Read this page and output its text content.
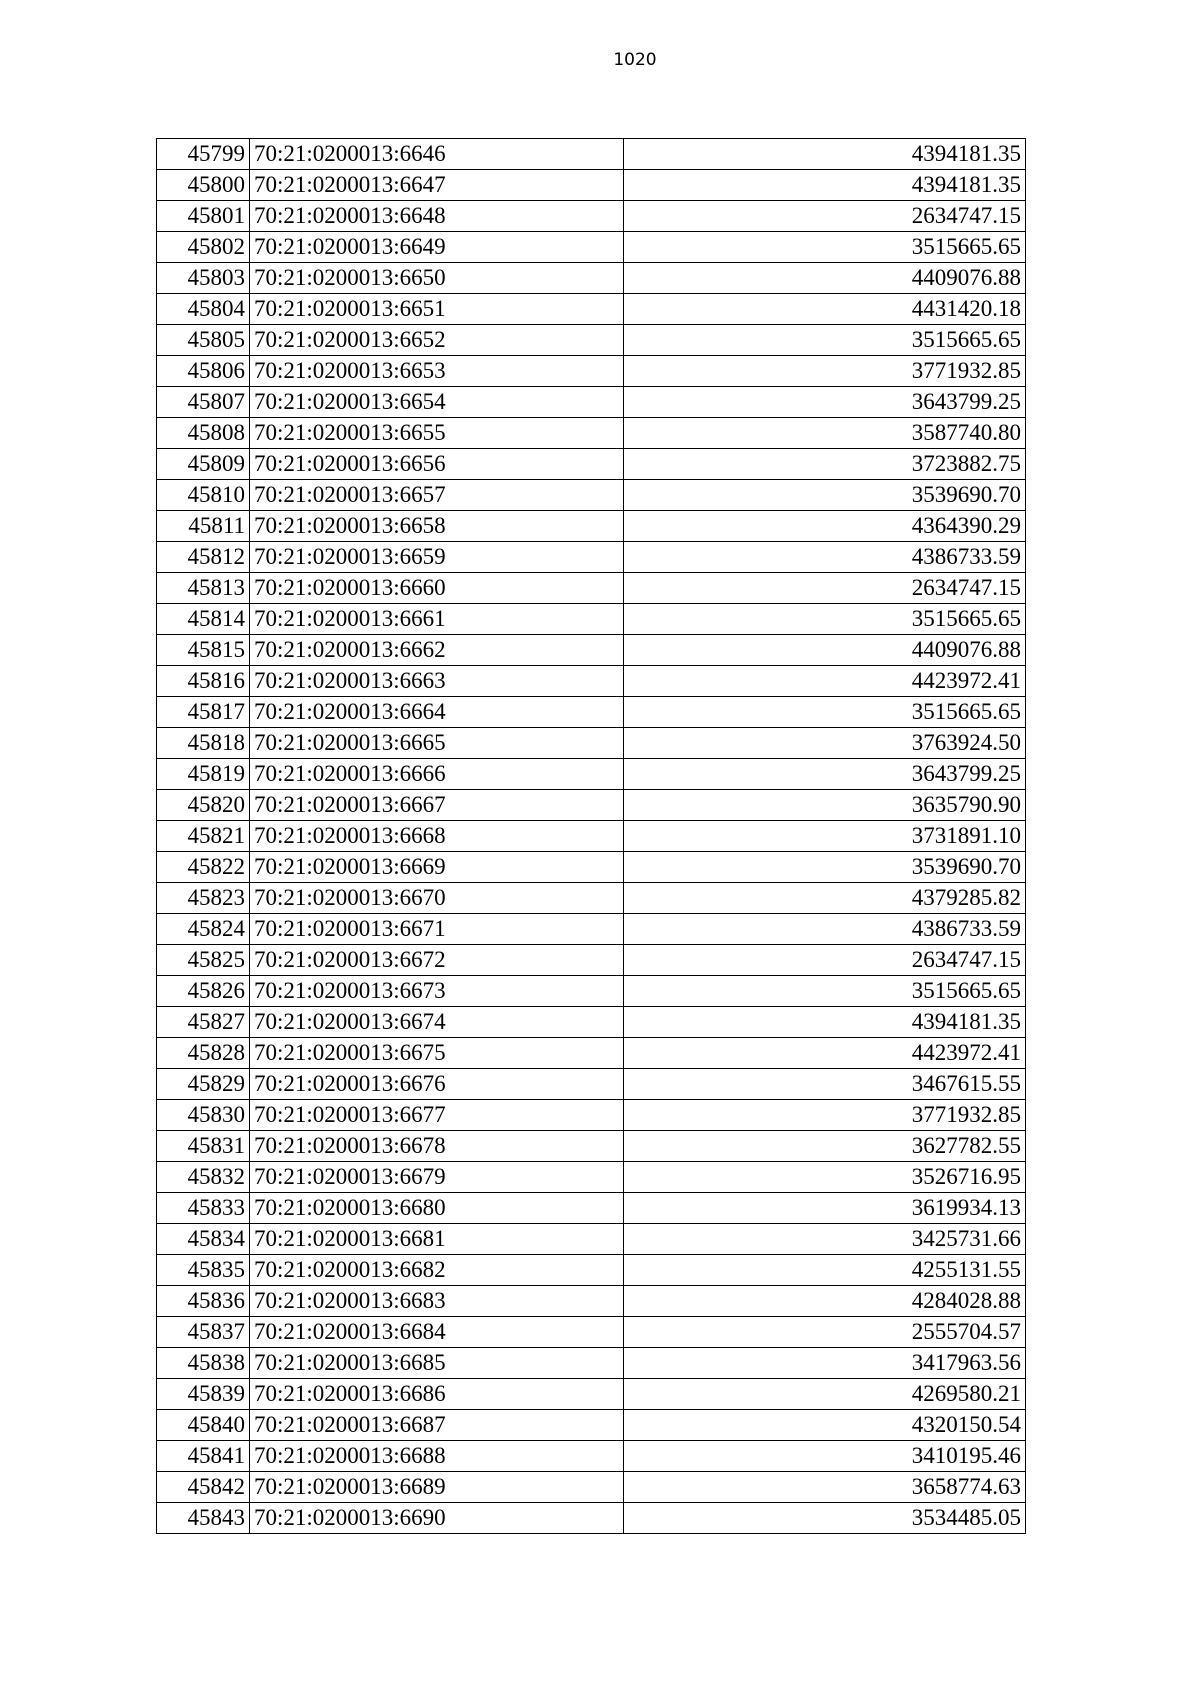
1020
45799	70:21:0200013:6646	4394181.35
45800	70:21:0200013:6647	4394181.35
45801	70:21:0200013:6648	2634747.15
45802	70:21:0200013:6649	3515665.65
45803	70:21:0200013:6650	4409076.88
45804	70:21:0200013:6651	4431420.18
45805	70:21:0200013:6652	3515665.65
45806	70:21:0200013:6653	3771932.85
45807	70:21:0200013:6654	3643799.25
45808	70:21:0200013:6655	3587740.80
45809	70:21:0200013:6656	3723882.75
45810	70:21:0200013:6657	3539690.70
45811	70:21:0200013:6658	4364390.29
45812	70:21:0200013:6659	4386733.59
45813	70:21:0200013:6660	2634747.15
45814	70:21:0200013:6661	3515665.65
45815	70:21:0200013:6662	4409076.88
45816	70:21:0200013:6663	4423972.41
45817	70:21:0200013:6664	3515665.65
45818	70:21:0200013:6665	3763924.50
45819	70:21:0200013:6666	3643799.25
45820	70:21:0200013:6667	3635790.90
45821	70:21:0200013:6668	3731891.10
45822	70:21:0200013:6669	3539690.70
45823	70:21:0200013:6670	4379285.82
45824	70:21:0200013:6671	4386733.59
45825	70:21:0200013:6672	2634747.15
45826	70:21:0200013:6673	3515665.65
45827	70:21:0200013:6674	4394181.35
45828	70:21:0200013:6675	4423972.41
45829	70:21:0200013:6676	3467615.55
45830	70:21:0200013:6677	3771932.85
45831	70:21:0200013:6678	3627782.55
45832	70:21:0200013:6679	3526716.95
45833	70:21:0200013:6680	3619934.13
45834	70:21:0200013:6681	3425731.66
45835	70:21:0200013:6682	4255131.55
45836	70:21:0200013:6683	4284028.88
45837	70:21:0200013:6684	2555704.57
45838	70:21:0200013:6685	3417963.56
45839	70:21:0200013:6686	4269580.21
45840	70:21:0200013:6687	4320150.54
45841	70:21:0200013:6688	3410195.46
45842	70:21:0200013:6689	3658774.63
45843	70:21:0200013:6690	3534485.05
